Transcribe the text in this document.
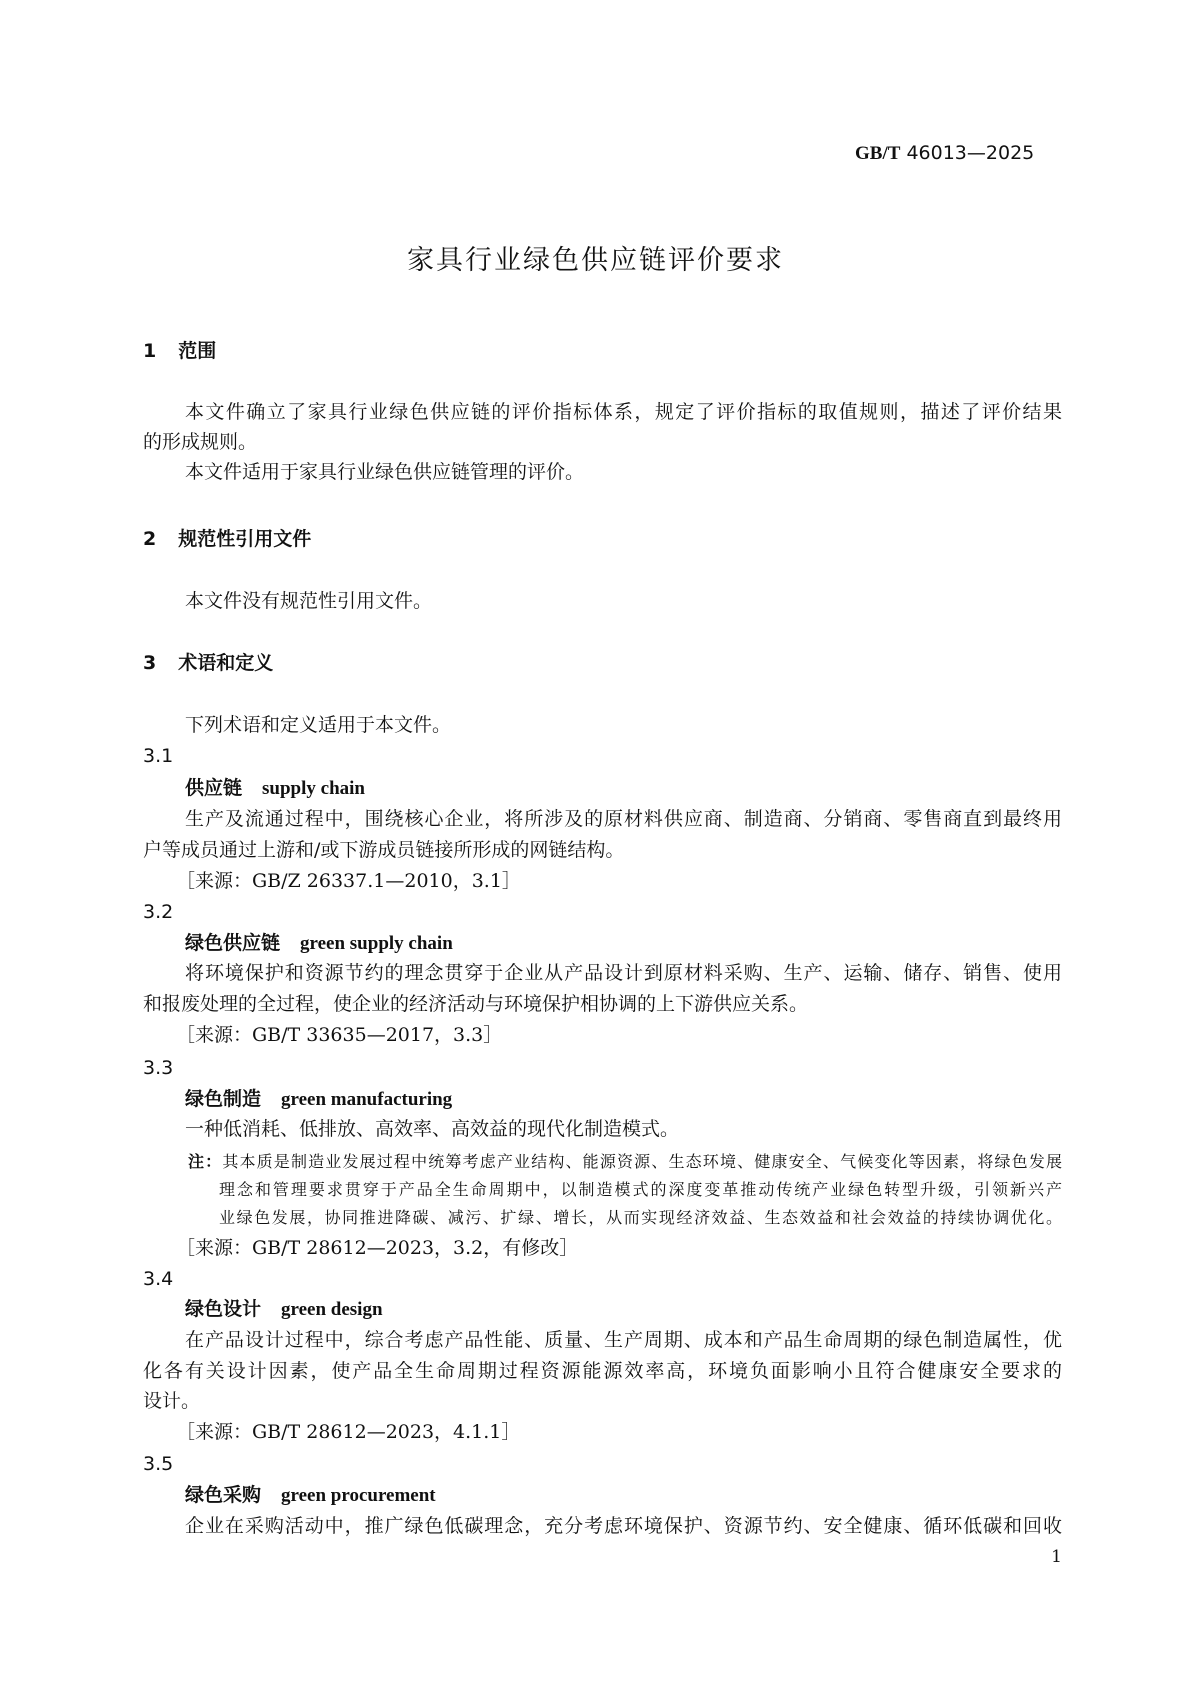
GB/T 46013—2025
家具行业绿色供应链评价要求
1 范围
本文件确立了家具行业绿色供应链的评价指标体系，规定了评价指标的取值规则，描述了评价结果
的形成规则。
本文件适用于家具行业绿色供应链管理的评价。
2 规范性引用文件
本文件没有规范性引用文件。
3 术语和定义
下列术语和定义适用于本文件。
3.1
供应链 supply chain
生产及流通过程中，围绕核心企业，将所涉及的原材料供应商、制造商、分销商、零售商直到最终用
户等成员通过上游和/或下游成员链接所形成的网链结构。
［来源：GB/Z 26337.1—2010，3.1］
3.2
绿色供应链 green supply chain
将环境保护和资源节约的理念贯穿于企业从产品设计到原材料采购、生产、运输、储存、销售、使用
和报废处理的全过程，使企业的经济活动与环境保护相协调的上下游供应关系。
［来源：GB/T 33635—2017，3.3］
3.3
绿色制造 green manufacturing
一种低消耗、低排放、高效率、高效益的现代化制造模式。
注：其本质是制造业发展过程中统筹考虑产业结构、能源资源、生态环境、健康安全、气候变化等因素，将绿色发展
理念和管理要求贯穿于产品全生命周期中，以制造模式的深度变革推动传统产业绿色转型升级，引领新兴产
业绿色发展，协同推进降碳、减污、扩绿、增长，从而实现经济效益、生态效益和社会效益的持续协调优化。
［来源：GB/T 28612—2023，3.2，有修改］
3.4
绿色设计 green design
在产品设计过程中，综合考虑产品性能、质量、生产周期、成本和产品生命周期的绿色制造属性，优
化各有关设计因素，使产品全生命周期过程资源能源效率高，环境负面影响小且符合健康安全要求的
设计。
［来源：GB/T 28612—2023，4.1.1］
3.5
绿色采购 green procurement
企业在采购活动中，推广绿色低碳理念，充分考虑环境保护、资源节约、安全健康、循环低碳和回收
1
